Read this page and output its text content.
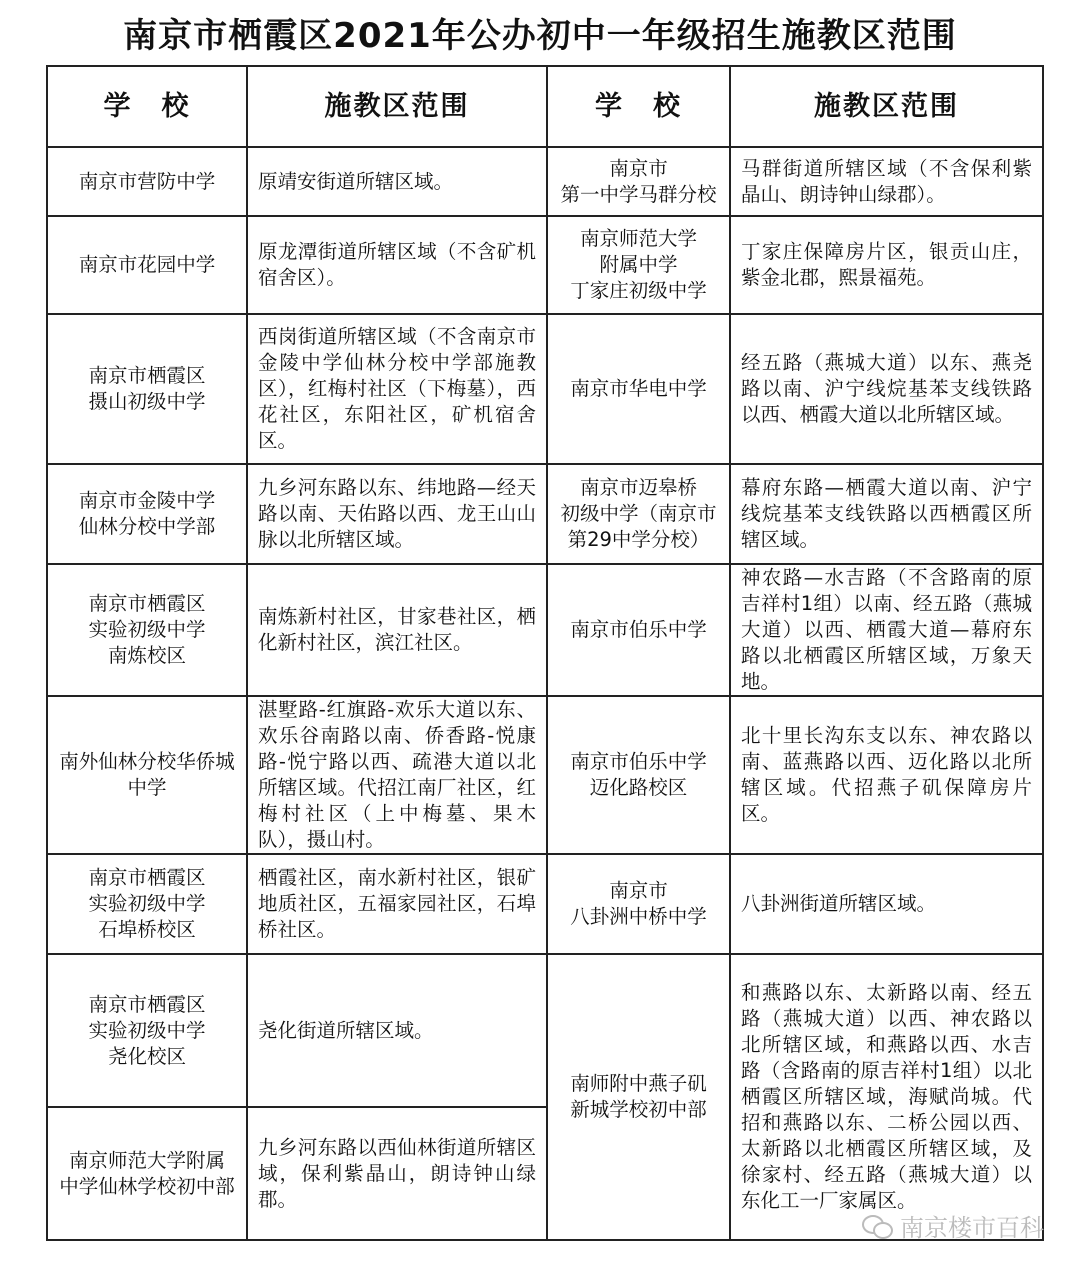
南京市栖霞区2021年公办初中一年级招生施教区范围
学　校	施教区范围	学　校	施教区范围

南京市营防中学	原靖安街道所辖区域。	南京市
第一中学马群分校	马群街道所辖区域（不含保利紫晶山、朗诗钟山绿郡）。

南京市花园中学	原龙潭街道所辖区域（不含矿机宿舍区）。	南京师范大学
附属中学
丁家庄初级中学	丁家庄保障房片区，银贡山庄，紫金北郡，熙景福苑。

南京市栖霞区
摄山初级中学	西岗街道所辖区域（不含南京市金陵中学仙林分校中学部施教区），红梅村社区（下梅墓），西花社区，东阳社区，矿机宿舍区。	南京市华电中学	经五路（燕城大道）以东、燕尧路以南、沪宁线烷基苯支线铁路以西、栖霞大道以北所辖区域。

南京市金陵中学
仙林分校中学部	九乡河东路以东、纬地路—经天路以南、天佑路以西、龙王山山脉以北所辖区域。	南京市迈皋桥
初级中学（南京市
第29中学分校）	幕府东路—栖霞大道以南、沪宁线烷基苯支线铁路以西栖霞区所辖区域。

南京市栖霞区
实验初级中学
南炼校区	南炼新村社区，甘家巷社区，栖化新村社区，滨江社区。	南京市伯乐中学	神农路—水吉路（不含路南的原吉祥村1组）以南、经五路（燕城大道）以西、栖霞大道—幕府东路以北栖霞区所辖区域，万象天地。

南外仙林分校华侨城
中学	湛墅路-红旗路-欢乐大道以东、欢乐谷南路以南、侨香路-悦康路-悦宁路以西、疏港大道以北所辖区域。代招江南厂社区，红梅村社区（上中梅墓、果木队），摄山村。	南京市伯乐中学
迈化路校区	北十里长沟东支以东、神农路以南、蓝燕路以西、迈化路以北所辖区域。代招燕子矶保障房片区。

南京市栖霞区
实验初级中学
石埠桥校区	栖霞社区，南水新村社区，银矿地质社区，五福家园社区，石埠桥社区。	南京市
八卦洲中桥中学	八卦洲街道所辖区域。

南京市栖霞区
实验初级中学
尧化校区	尧化街道所辖区域。	南师附中燕子矶
新城学校初中部	和燕路以东、太新路以南、经五路（燕城大道）以西、神农路以北所辖区域，和燕路以西、水吉路（含路南的原吉祥村1组）以北栖霞区所辖区域，海赋尚城。代招和燕路以东、二桥公园以西、太新路以北栖霞区所辖区域，及徐家村、经五路（燕城大道）以东化工一厂家属区。

南京师范大学附属
中学仙林学校初中部	九乡河东路以西仙林街道所辖区域，保利紫晶山，朗诗钟山绿郡。		
南京楼市百科
